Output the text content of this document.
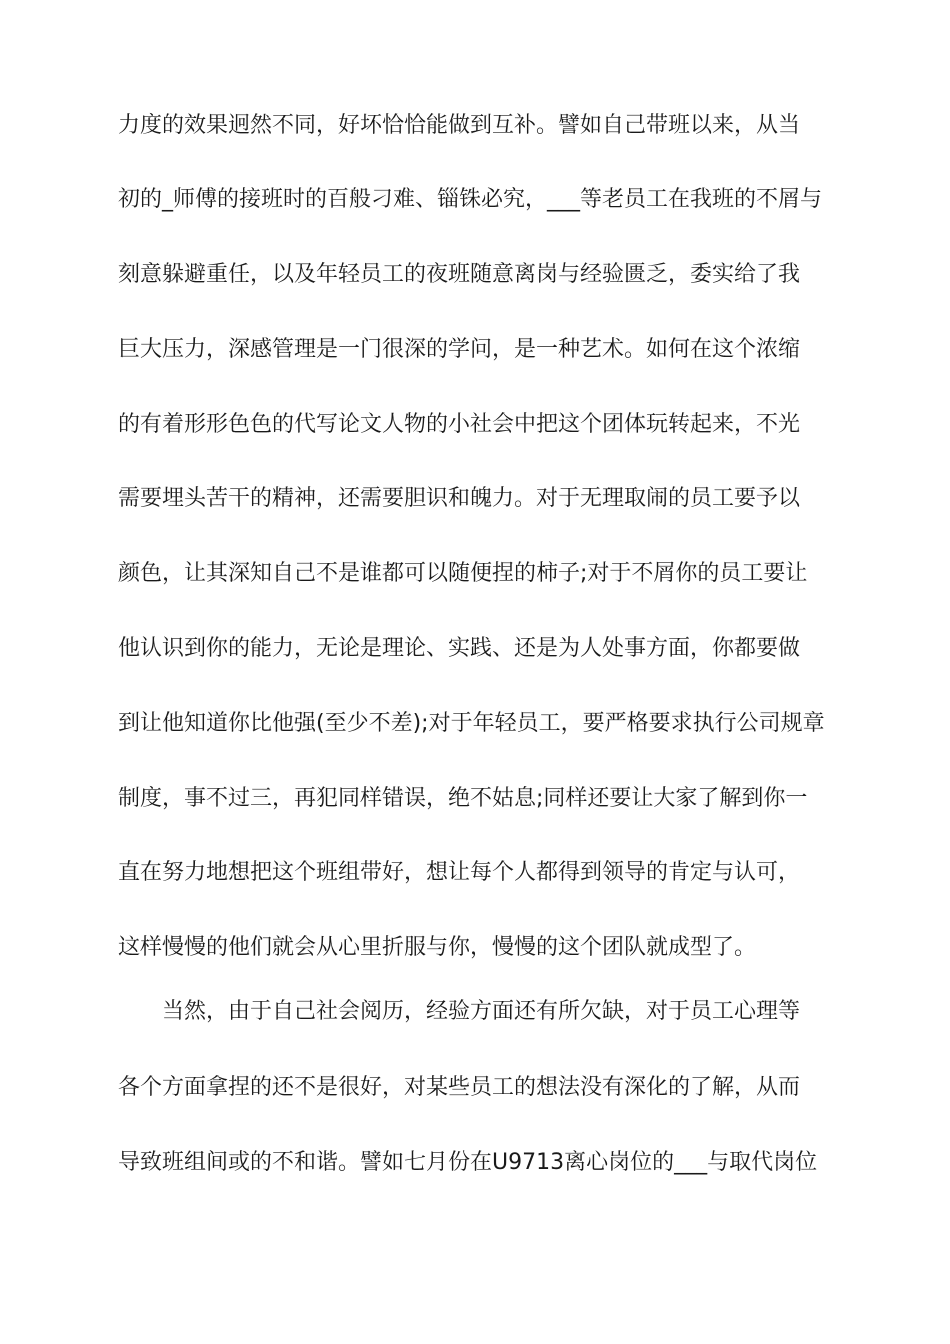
力度的效果迥然不同，好坏恰恰能做到互补。譬如自己带班以来，从当
初的_师傅的接班时的百般刁难、锱铢必究，___等老员工在我班的不屑与
刻意躲避重任，以及年轻员工的夜班随意离岗与经验匮乏，委实给了我
巨大压力，深感管理是一门很深的学问，是一种艺术。如何在这个浓缩
的有着形形色色的代写论文人物的小社会中把这个团体玩转起来，不光
需要埋头苦干的精神，还需要胆识和魄力。对于无理取闹的员工要予以
颜色，让其深知自己不是谁都可以随便捏的柿子;对于不屑你的员工要让
他认识到你的能力，无论是理论、实践、还是为人处事方面，你都要做
到让他知道你比他强(至少不差);对于年轻员工，要严格要求执行公司规章
制度，事不过三，再犯同样错误，绝不姑息;同样还要让大家了解到你一
直在努力地想把这个班组带好，想让每个人都得到领导的肯定与认可，
这样慢慢的他们就会从心里折服与你，慢慢的这个团队就成型了。
当然，由于自己社会阅历，经验方面还有所欠缺，对于员工心理等
各个方面拿捏的还不是很好，对某些员工的想法没有深化的了解，从而
导致班组间或的不和谐。譬如七月份在U9713离心岗位的___与取代岗位
